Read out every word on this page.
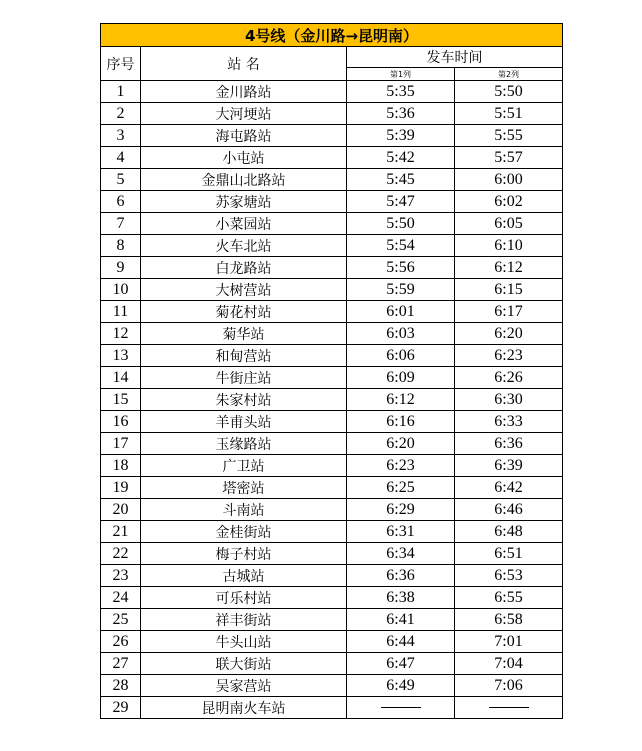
4号线（金川路→昆明南）			
序号	站 名	发车时间	
		第1列	第2列
1	金川路站	5:35	5:50
2	大河埂站	5:36	5:51
3	海屯路站	5:39	5:55
4	小屯站	5:42	5:57
5	金鼎山北路站	5:45	6:00
6	苏家塘站	5:47	6:02
7	小菜园站	5:50	6:05
8	火车北站	5:54	6:10
9	白龙路站	5:56	6:12
10	大树营站	5:59	6:15
11	菊花村站	6:01	6:17
12	菊华站	6:03	6:20
13	和甸营站	6:06	6:23
14	牛街庄站	6:09	6:26
15	朱家村站	6:12	6:30
16	羊甫头站	6:16	6:33
17	玉缘路站	6:20	6:36
18	广卫站	6:23	6:39
19	塔密站	6:25	6:42
20	斗南站	6:29	6:46
21	金桂街站	6:31	6:48
22	梅子村站	6:34	6:51
23	古城站	6:36	6:53
24	可乐村站	6:38	6:55
25	祥丰街站	6:41	6:58
26	牛头山站	6:44	7:01
27	联大街站	6:47	7:04
28	吴家营站	6:49	7:06
29	昆明南火车站		
